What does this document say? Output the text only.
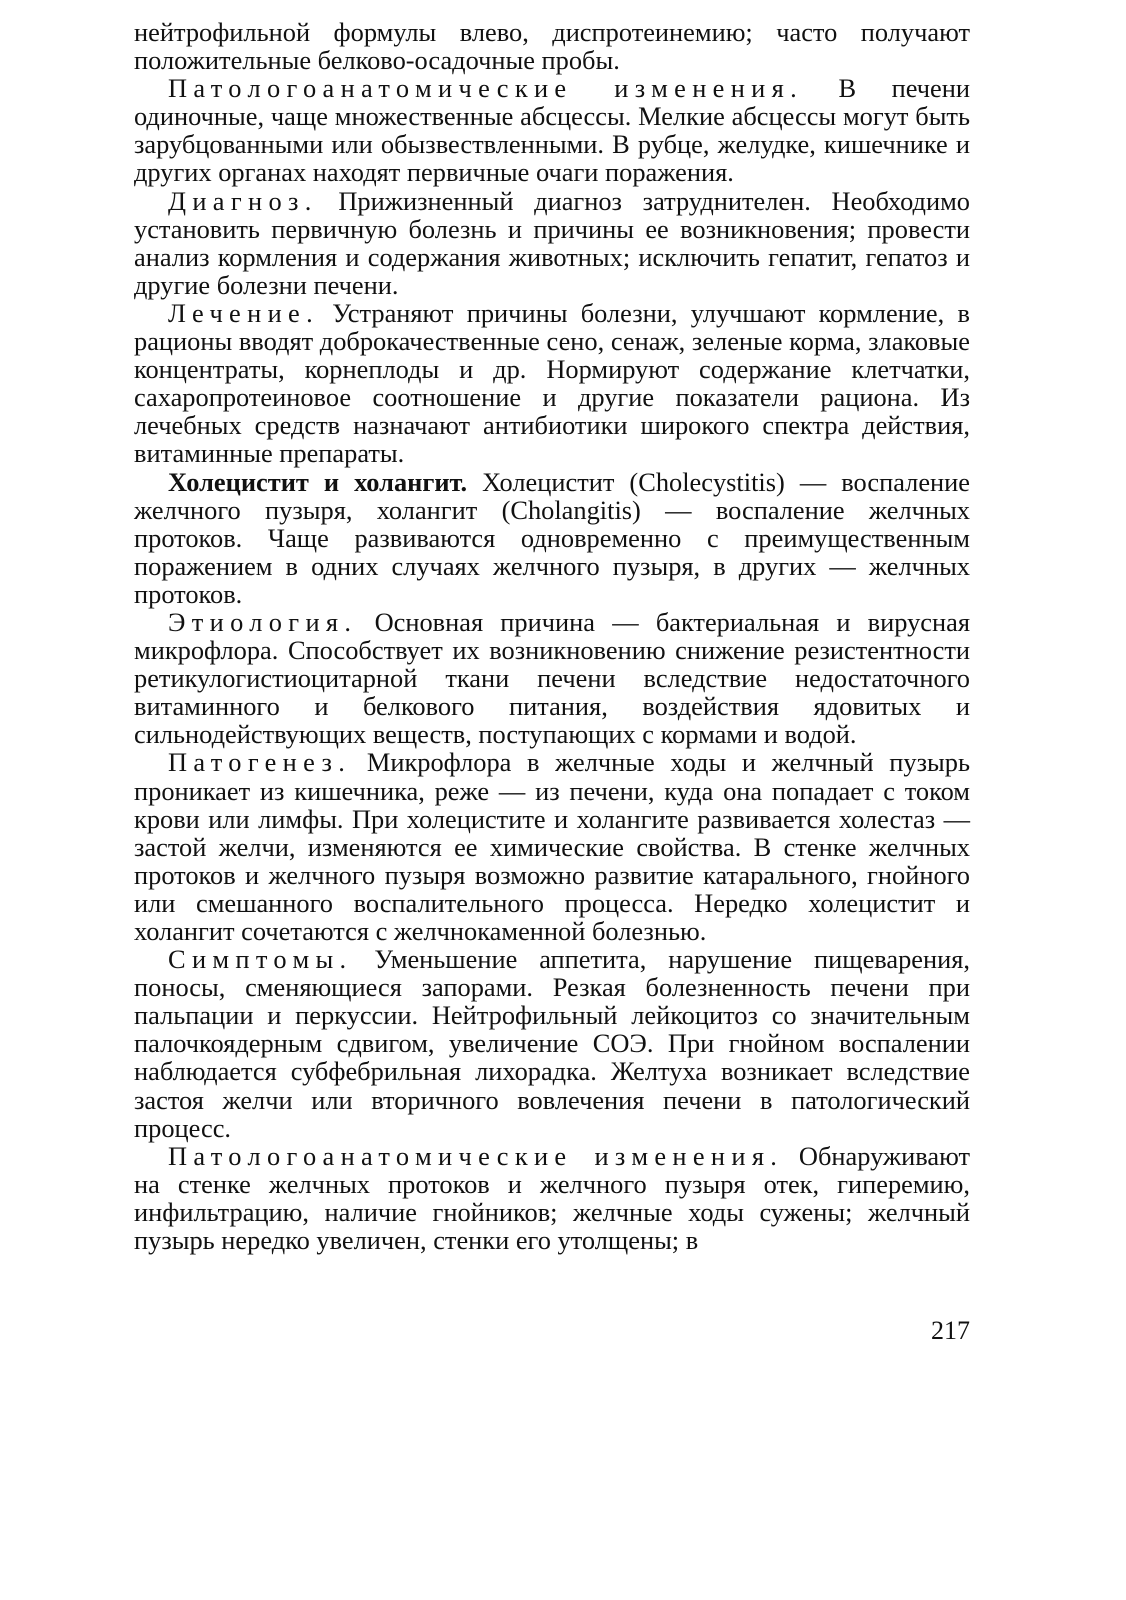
нейтрофильной формулы влево, диспротеинемию; часто получают положительные белково-осадочные пробы.

Патологоанатомические изменения. В печени одиночные, чаще множественные абсцессы. Мелкие абсцессы могут быть зарубцованными или обызвествленными. В рубце, желудке, кишечнике и других органах находят первичные очаги поражения.

Диагноз. Прижизненный диагноз затруднителен. Необходимо установить первичную болезнь и причины ее возникновения; провести анализ кормления и содержания животных; исключить гепатит, гепатоз и другие болезни печени.

Лечение. Устраняют причины болезни, улучшают кормление, в рационы вводят доброкачественные сено, сенаж, зеленые корма, злаковые концентраты, корнеплоды и др. Нормируют содержание клетчатки, сахаропротеиновое соотношение и другие показатели рациона. Из лечебных средств назначают антибиотики широкого спектра действия, витаминные препараты.

Холецистит и холангит. Холецистит (Cholecystitis) — воспаление желчного пузыря, холангит (Cholangitis) — воспаление желчных протоков. Чаще развиваются одновременно с преимущественным поражением в одних случаях желчного пузыря, в других — желчных протоков.

Этиология. Основная причина — бактериальная и вирусная микрофлора. Способствует их возникновению снижение резистентности ретикулогистиоцитарной ткани печени вследствие недостаточного витаминного и белкового питания, воздействия ядовитых и сильнодействующих веществ, поступающих с кормами и водой.

Патогенез. Микрофлора в желчные ходы и желчный пузырь проникает из кишечника, реже — из печени, куда она попадает с током крови или лимфы. При холецистите и холангите развивается холестаз — застой желчи, изменяются ее химические свойства. В стенке желчных протоков и желчного пузыря возможно развитие катарального, гнойного или смешанного воспалительного процесса. Нередко холецистит и холангит сочетаются с желчнокаменной болезнью.

Симптомы. Уменьшение аппетита, нарушение пищеварения, поносы, сменяющиеся запорами. Резкая болезненность печени при пальпации и перкуссии. Нейтрофильный лейкоцитоз со значительным палочкоядерным сдвигом, увеличение СОЭ. При гнойном воспалении наблюдается субфебрильная лихорадка. Желтуха возникает вследствие застоя желчи или вторичного вовлечения печени в патологический процесс.

Патологоанатомические изменения. Обнаруживают на стенке желчных протоков и желчного пузыря отек, гиперемию, инфильтрацию, наличие гнойников; желчные ходы сужены; желчный пузырь нередко увеличен, стенки его утолщены; в

217
